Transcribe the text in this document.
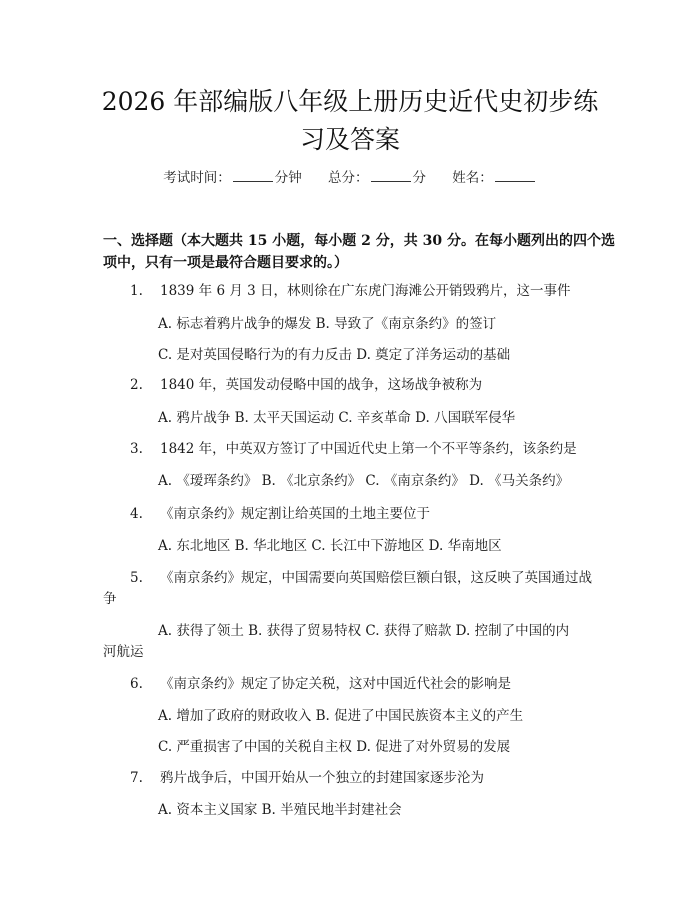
2026 年部编版八年级上册历史近代史初步练
习及答案
考试时间：	分钟 总分：	分 姓名：
一、选择题（本大题共 15 小题，每小题 2 分，共 30 分。在每小题列出的四个选
项中，只有一项是最符合题目要求的。）
1. 1839 年 6 月 3 日，林则徐在广东虎门海滩公开销毁鸦片，这一事件
A. 标志着鸦片战争的爆发 B. 导致了《南京条约》的签订
C. 是对英国侵略行为的有力反击 D. 奠定了洋务运动的基础
2. 1840 年，英国发动侵略中国的战争，这场战争被称为
A. 鸦片战争 B. 太平天国运动 C. 辛亥革命 D. 八国联军侵华
3. 1842 年，中英双方签订了中国近代史上第一个不平等条约，该条约是
A. 《瑷珲条约》 B. 《北京条约》 C. 《南京条约》 D. 《马关条约》
4. 《南京条约》规定割让给英国的土地主要位于
A. 东北地区 B. 华北地区 C. 长江中下游地区 D. 华南地区
5. 《南京条约》规定，中国需要向英国赔偿巨额白银，这反映了英国通过战
争
A. 获得了领土 B. 获得了贸易特权 C. 获得了赔款 D. 控制了中国的内
河航运
6. 《南京条约》规定了协定关税，这对中国近代社会的影响是
A. 增加了政府的财政收入 B. 促进了中国民族资本主义的产生
C. 严重损害了中国的关税自主权 D. 促进了对外贸易的发展
7. 鸦片战争后，中国开始从一个独立的封建国家逐步沦为
A. 资本主义国家 B. 半殖民地半封建社会
